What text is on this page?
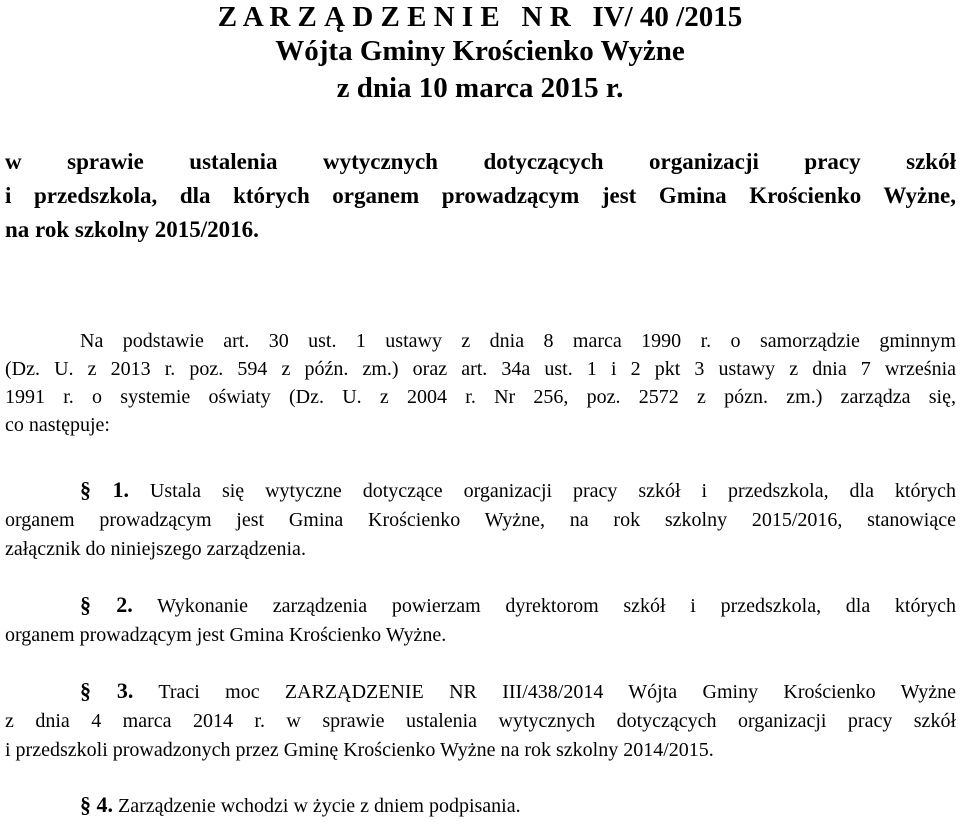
Z A R Z Ą D Z E N I E   N R   IV/ 40 /2015
Wójta Gminy Krościenko Wyżne
z dnia 10 marca 2015 r.
w sprawie ustalenia wytycznych dotyczących organizacji pracy szkół
i przedszkola, dla których organem prowadzącym jest Gmina Krościenko Wyżne,
na rok szkolny 2015/2016.
Na podstawie art. 30 ust. 1 ustawy z dnia 8 marca 1990 r. o samorządzie gminnym
(Dz. U. z 2013 r. poz. 594 z późn. zm.) oraz art. 34a ust. 1 i 2 pkt 3 ustawy z dnia 7 września
1991 r. o systemie oświaty (Dz. U. z 2004 r. Nr 256, poz. 2572 z pózn. zm.) zarządza się,
co następuje:
§ 1. Ustala się wytyczne dotyczące organizacji pracy szkół i przedszkola, dla których
organem prowadzącym jest Gmina Krościenko Wyżne, na rok szkolny 2015/2016, stanowiące
załącznik do niniejszego zarządzenia.
§ 2. Wykonanie zarządzenia powierzam dyrektorom szkół i przedszkola, dla których
organem prowadzącym jest Gmina Krościenko Wyżne.
§ 3. Traci moc ZARZĄDZENIE NR III/438/2014 Wójta Gminy Krościenko Wyżne
z dnia 4 marca 2014 r. w sprawie ustalenia wytycznych dotyczących organizacji pracy szkół
i przedszkoli prowadzonych przez Gminę Krościenko Wyżne na rok szkolny 2014/2015.
§ 4. Zarządzenie wchodzi w życie z dniem podpisania.
